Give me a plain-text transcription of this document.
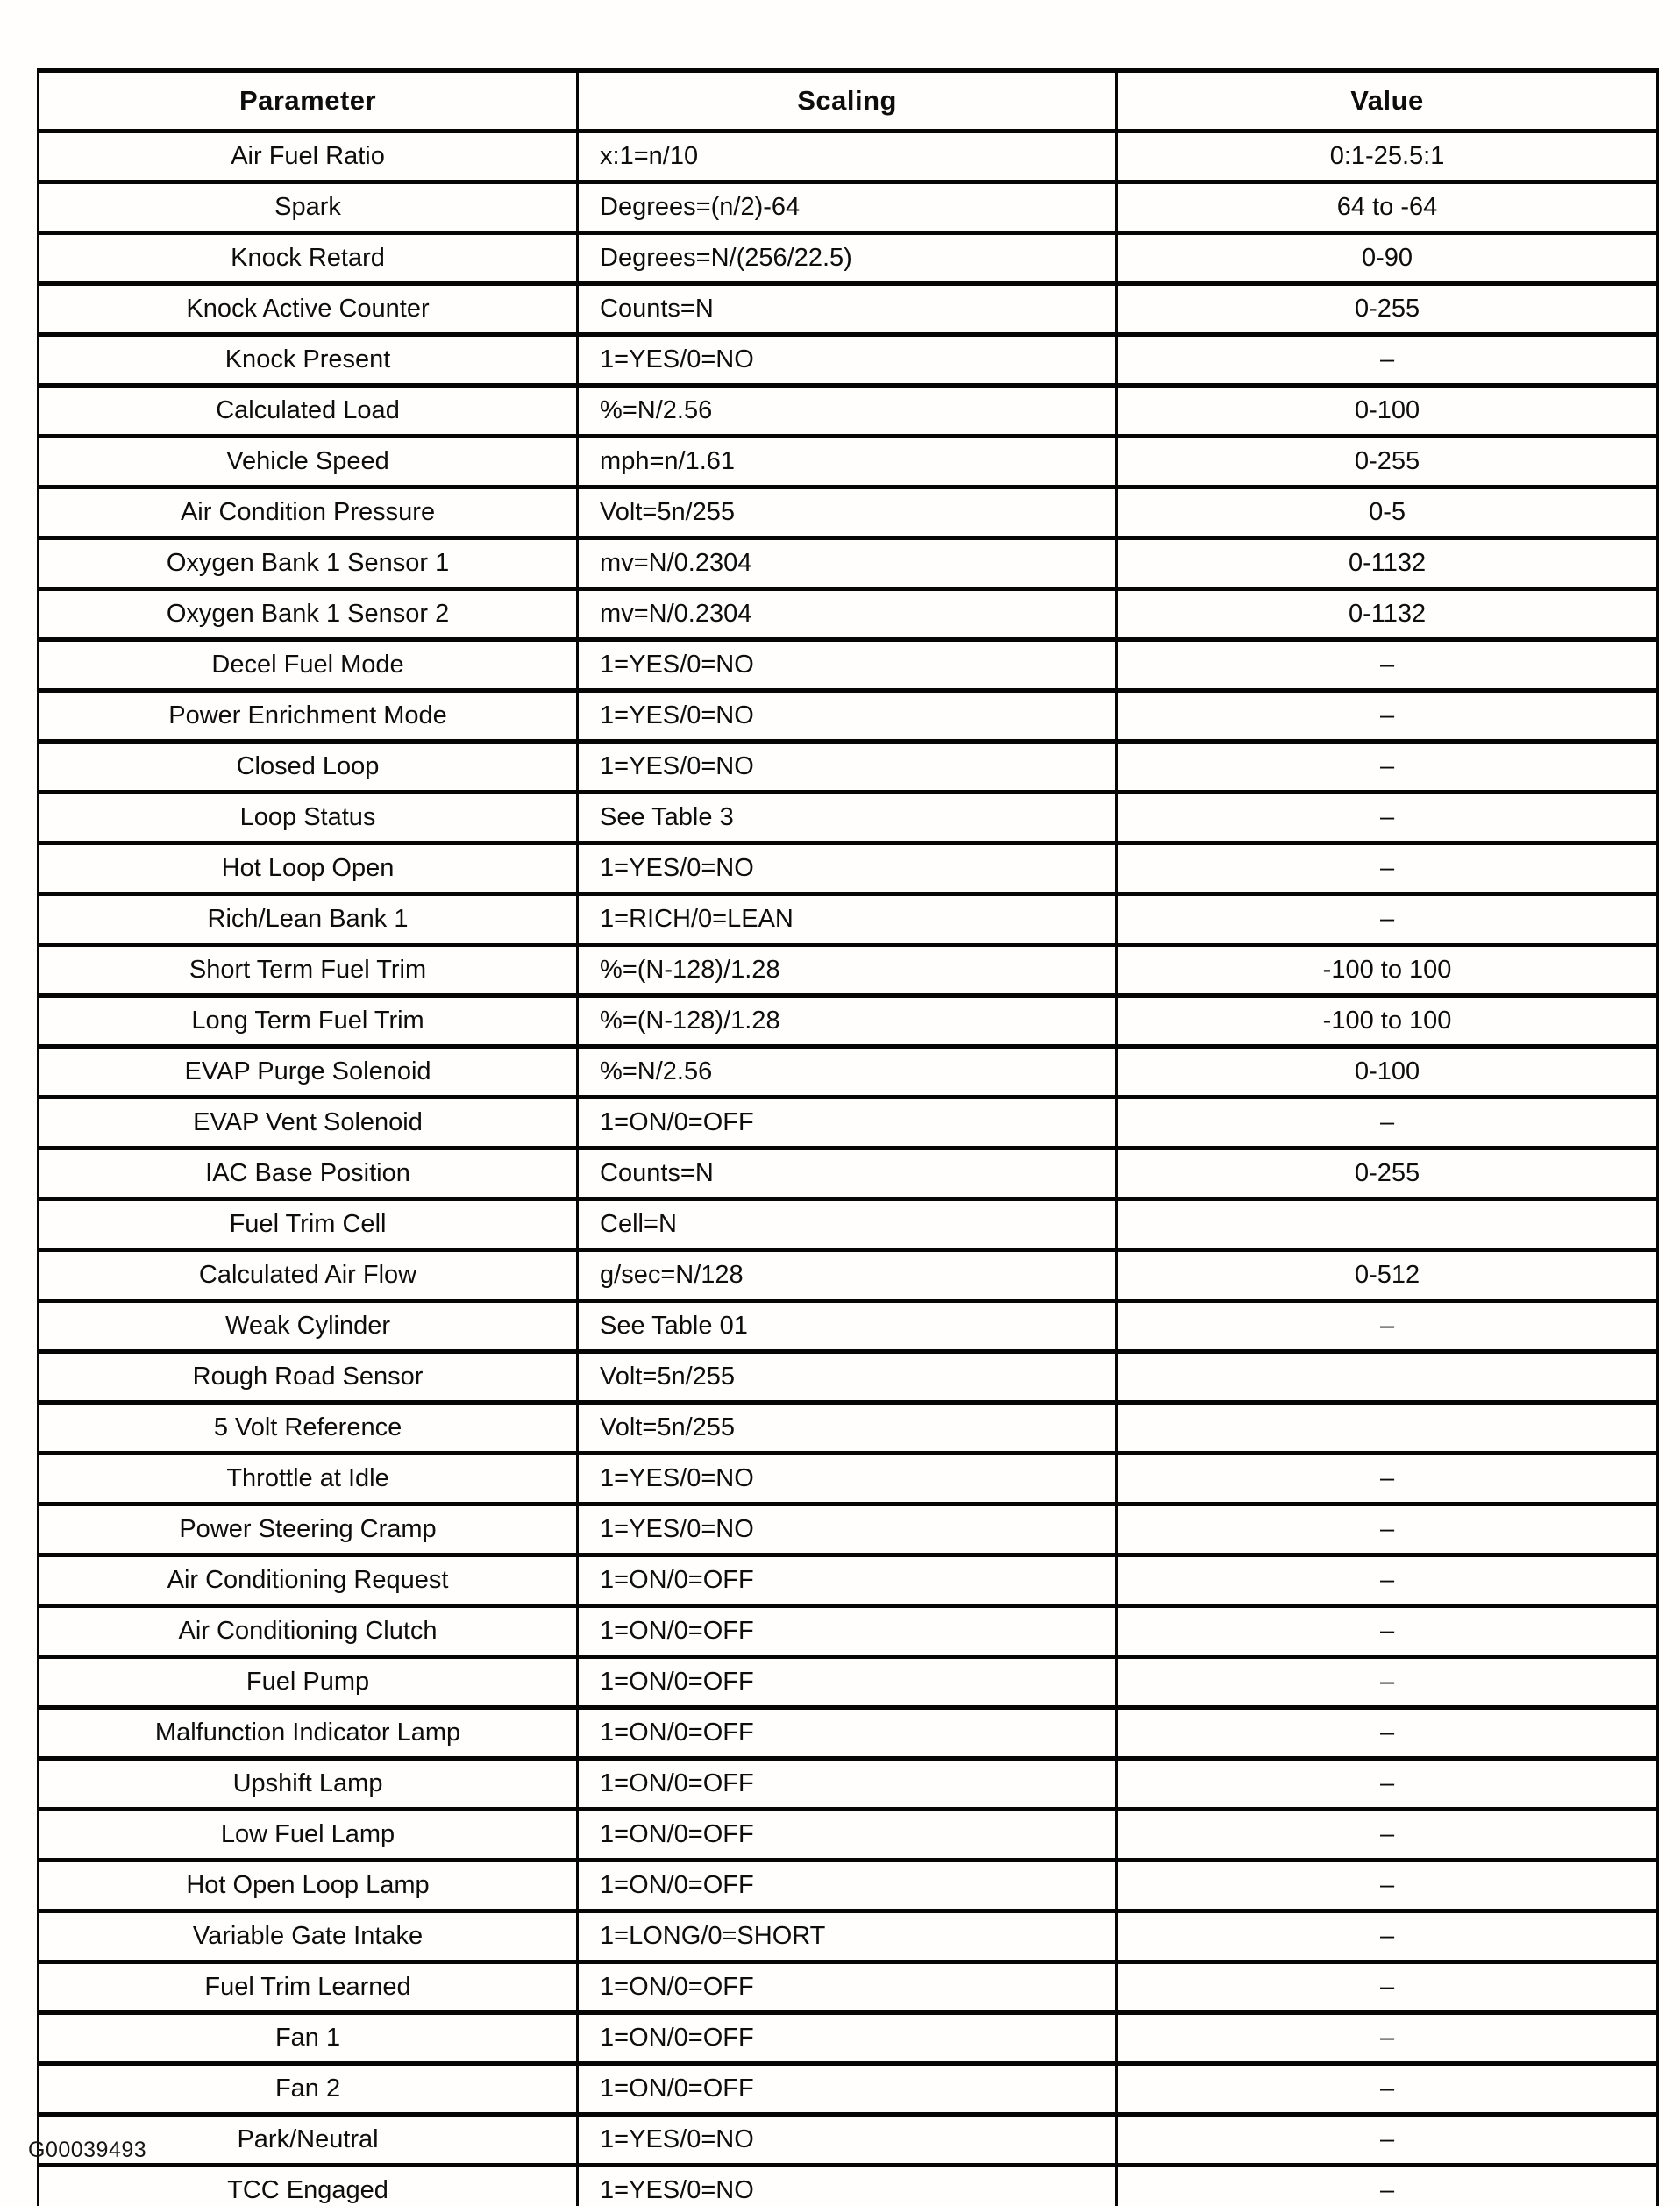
Parameter	Scaling	Value
Air Fuel Ratio	x:1=n/10	0:1-25.5:1
Spark	Degrees=(n/2)-64	64 to -64
Knock Retard	Degrees=N/(256/22.5)	0-90
Knock Active Counter	Counts=N	0-255
Knock Present	1=YES/0=NO	–
Calculated Load	%=N/2.56	0-100
Vehicle Speed	mph=n/1.61	0-255
Air Condition Pressure	Volt=5n/255	0-5
Oxygen Bank 1 Sensor 1	mv=N/0.2304	0-1132
Oxygen Bank 1 Sensor 2	mv=N/0.2304	0-1132
Decel Fuel Mode	1=YES/0=NO	–
Power Enrichment Mode	1=YES/0=NO	–
Closed Loop	1=YES/0=NO	–
Loop Status	See Table 3	–
Hot Loop Open	1=YES/0=NO	–
Rich/Lean Bank 1	1=RICH/0=LEAN	–
Short Term Fuel Trim	%=(N-128)/1.28	-100 to 100
Long Term Fuel Trim	%=(N-128)/1.28	-100 to 100
EVAP Purge Solenoid	%=N/2.56	0-100
EVAP Vent Solenoid	1=ON/0=OFF	–
IAC Base Position	Counts=N	0-255
Fuel Trim Cell	Cell=N	
Calculated Air Flow	g/sec=N/128	0-512
Weak Cylinder	See Table 01	–
Rough Road Sensor	Volt=5n/255	
5 Volt Reference	Volt=5n/255	
Throttle at Idle	1=YES/0=NO	–
Power Steering Cramp	1=YES/0=NO	–
Air Conditioning Request	1=ON/0=OFF	–
Air Conditioning Clutch	1=ON/0=OFF	–
Fuel Pump	1=ON/0=OFF	–
Malfunction Indicator Lamp	1=ON/0=OFF	–
Upshift Lamp	1=ON/0=OFF	–
Low Fuel Lamp	1=ON/0=OFF	–
Hot Open Loop Lamp	1=ON/0=OFF	–
Variable Gate Intake	1=LONG/0=SHORT	–
Fuel Trim Learned	1=ON/0=OFF	–
Fan 1	1=ON/0=OFF	–
Fan 2	1=ON/0=OFF	–
Park/Neutral	1=YES/0=NO	–
TCC Engaged	1=YES/0=NO	–
G00039493
